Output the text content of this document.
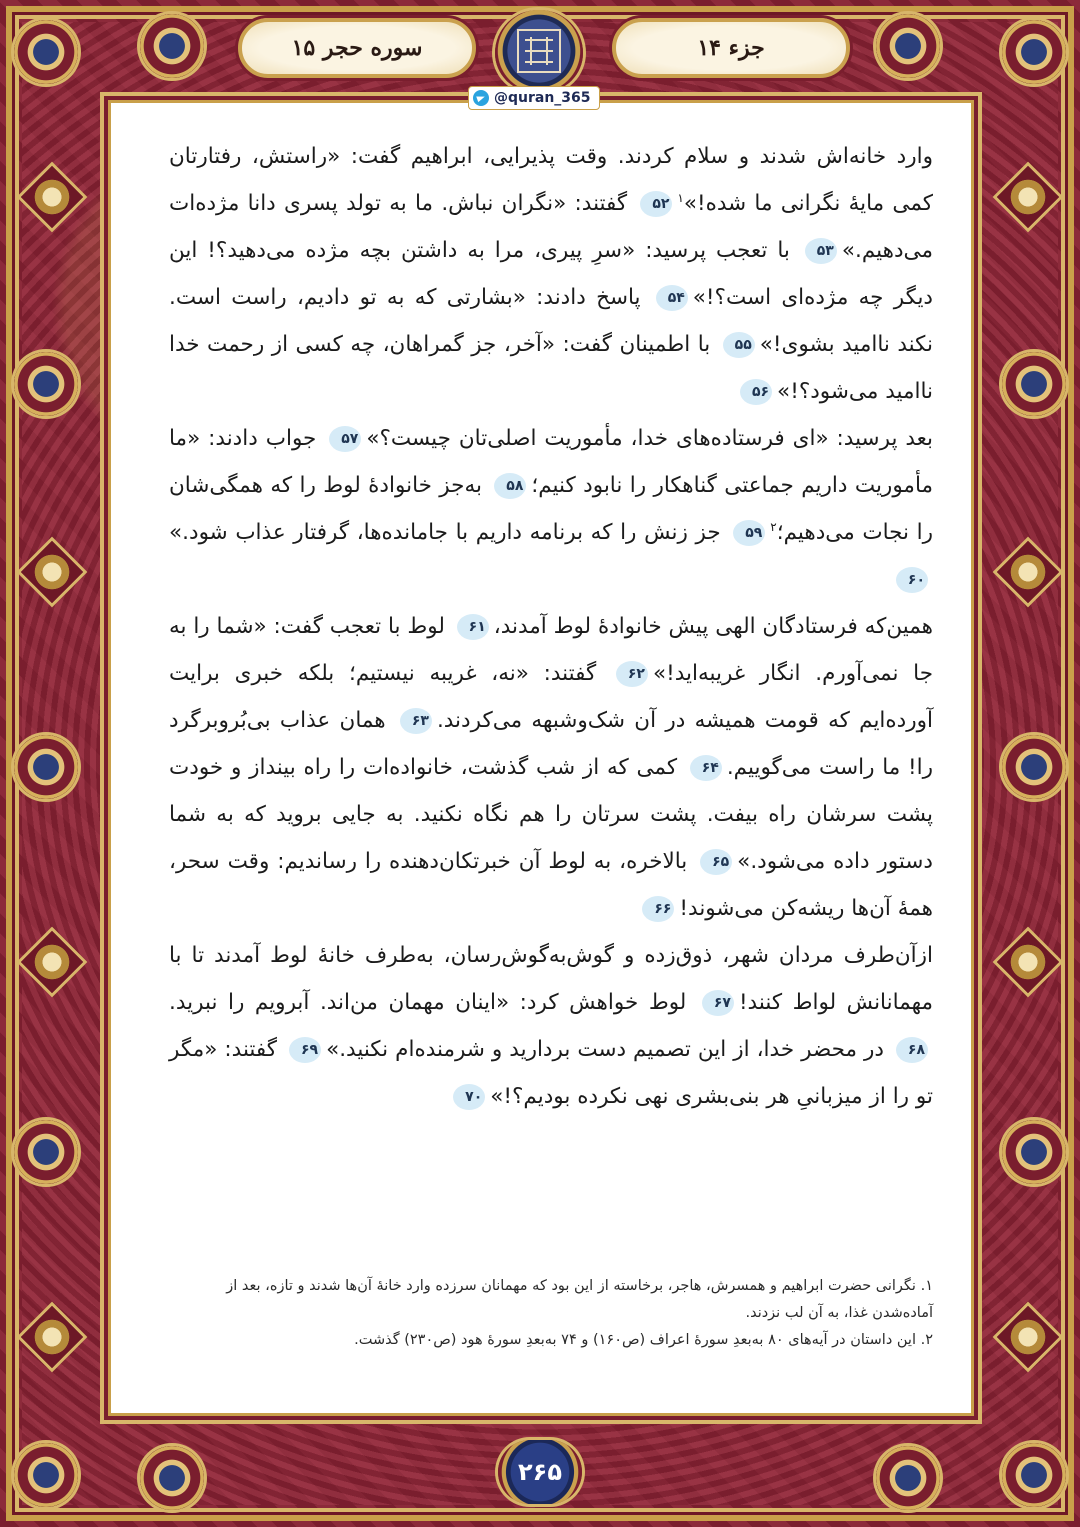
سوره حجر ۱۵	جزء ۱۴

وارد خانه‌اش شدند و سلام کردند. وقت پذیرایی، ابراهیم گفت: «راستش، رفتارتان کمی مایهٔ نگرانی ما شده!»$^۱$۵۲ گفتند: «نگران نباش. ما به تولد پسری دانا مژده‌ات می‌دهیم.»۵۳ با تعجب پرسید: «سرِ پیری، مرا به داشتن بچه مژده می‌دهید؟! این دیگر چه مژده‌ای است؟!»۵۴ پاسخ دادند: «بشارتی که به تو دادیم، راست است. نکند ناامید بشوی!»۵۵ با اطمینان گفت: «آخر، جز گمراهان، چه کسی از رحمت خدا ناامید می‌شود؟!»۵۶

بعد پرسید: «ای فرستاده‌های خدا، مأموریت اصلی‌تان چیست؟»۵۷ جواب دادند: «ما مأموریت داریم جماعتی گناهکار را نابود کنیم؛۵۸ به‌جز خانوادهٔ لوط را که همگی‌شان را نجات می‌دهیم؛$^۲$۵۹ جز زنش را که برنامه داریم با جامانده‌ها، گرفتار عذاب شود.»۶۰

همین‌که فرستادگان الهی پیش خانوادهٔ لوط آمدند،۶۱ لوط با تعجب گفت: «شما را به جا نمی‌آورم. انگار غریبه‌اید!»۶۲ گفتند: «نه، غریبه نیستیم؛ بلکه خبری برایت آورده‌ایم که قومت همیشه در آن شک‌وشبهه می‌کردند.۶۳ همان عذاب بی‌بُروبرگرد را! ما راست می‌گوییم.۶۴ کمی که از شب گذشت، خانواده‌ات را راه بینداز و خودت پشت سرشان راه بیفت. پشت سرتان را هم نگاه نکنید. به جایی بروید که به شما دستور داده می‌شود.»۶۵ بالاخره، به لوط آن خبرتکان‌دهنده را رساندیم: وقت سحر، همهٔ آن‌ها ریشه‌کن می‌شوند!۶۶

ازآن‌طرف مردان شهر، ذوق‌زده و گوش‌به‌گوش‌رسان، به‌طرف خانهٔ لوط آمدند تا با مهمانانش لواط کنند!۶۷ لوط خواهش کرد: «اینان مهمان من‌اند. آبرویم را نبرید.۶۸ در محضر خدا، از این تصمیم دست بردارید و شرمنده‌ام نکنید.»۶۹ گفتند: «مگر تو را از میزبانیِ هر بنی‌بشری نهی نکرده بودیم؟!»۷۰

۱. نگرانی حضرت ابراهیم و همسرش، هاجر، برخاسته از این بود که مهمانان سرزده وارد خانهٔ آن‌ها شدند و تازه، بعد از آماده‌شدن غذا، به آن لب نزدند.

۲. این داستان در آیه‌های ۸۰ به‌بعدِ سورهٔ اعراف (ص۱۶۰) و ۷۴ به‌بعدِ سورهٔ هود (ص۲۳۰) گذشت.

@quran_365
۲۶۵
